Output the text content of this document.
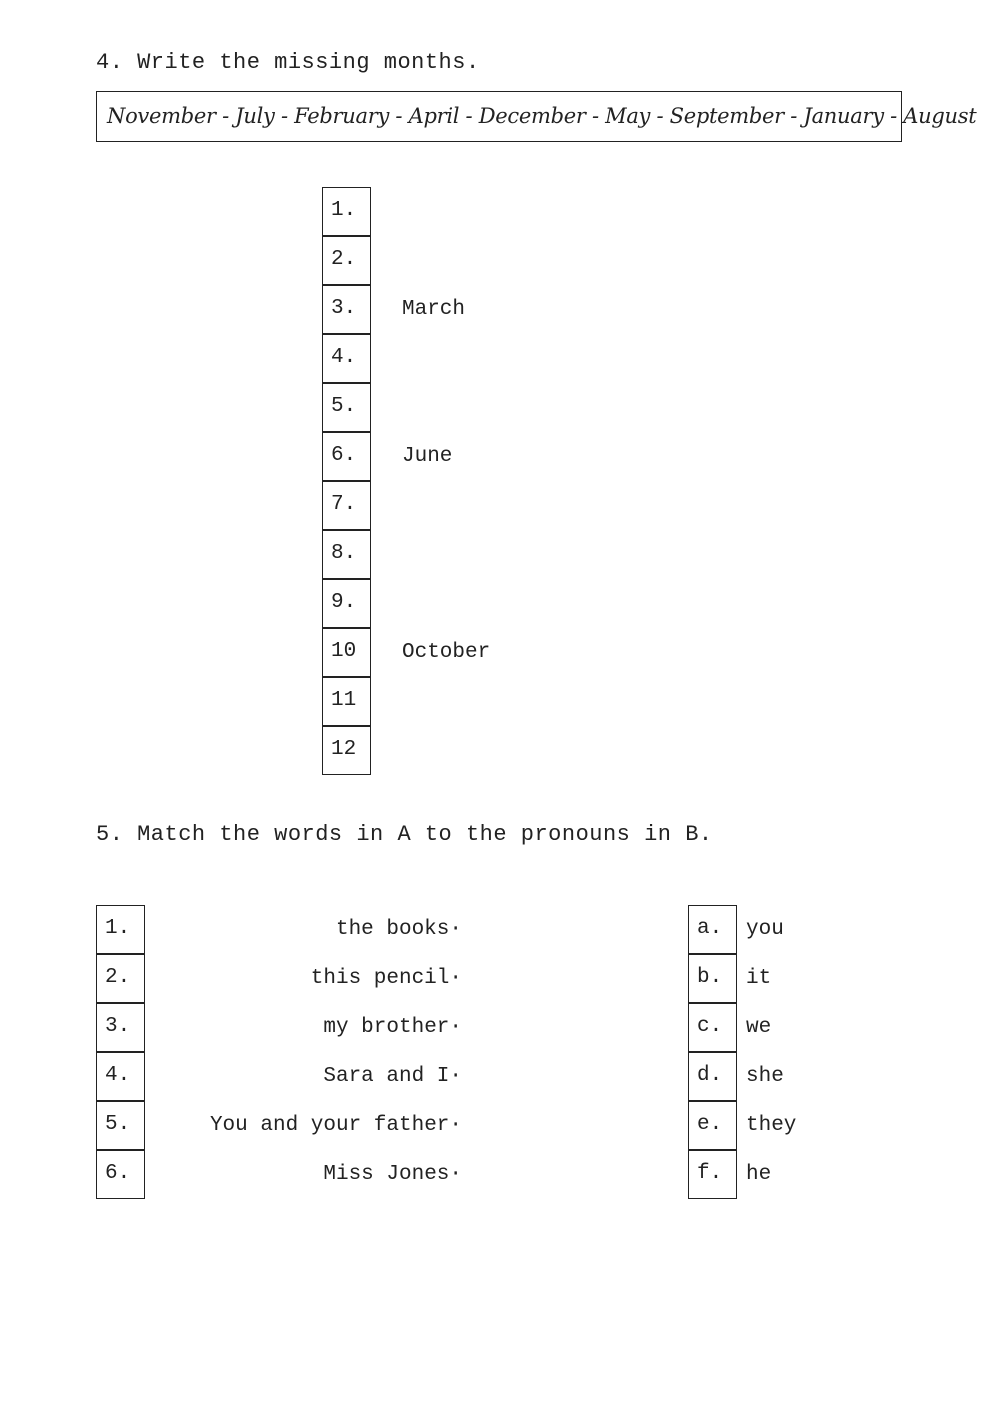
4. Write the missing months.
November - July - February - April - December - May - September - January - August
1.
2.
3.	March
4.
5.
6.	June
7.
8.
9.
10	October
11
12
5. Match the words in A to the pronouns in B.
1.	the books·
2.	this pencil·
3.	my brother·
4.	Sara and I·
5.	You and your father·
6.	Miss Jones·
a.	you
b.	it
c.	we
d.	she
e.	they
f.	he
